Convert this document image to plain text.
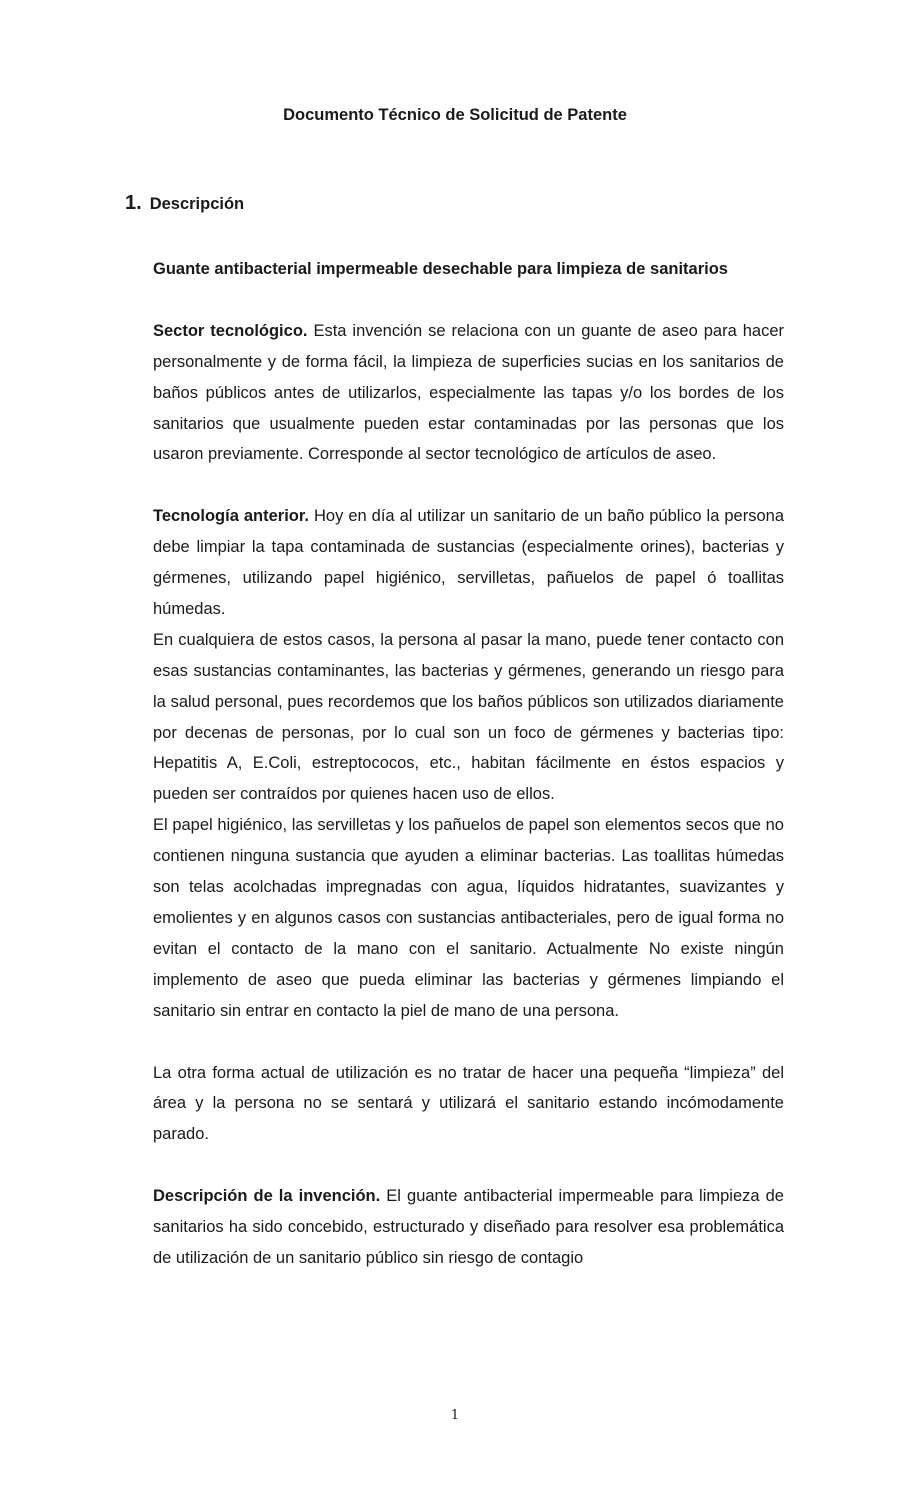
Documento Técnico de Solicitud de Patente
1. Descripción

Guante antibacterial impermeable desechable para limpieza de sanitarios

Sector tecnológico. Esta invención se relaciona con un guante de aseo para hacer personalmente y de forma fácil, la limpieza de superficies sucias en los sanitarios de baños públicos antes de utilizarlos, especialmente las tapas y/o los bordes de los sanitarios que usualmente pueden estar contaminadas por las personas que los usaron previamente. Corresponde al sector tecnológico de artículos de aseo.

Tecnología anterior. Hoy en día al utilizar un sanitario de un baño público la persona debe limpiar la tapa contaminada de sustancias (especialmente orines), bacterias y gérmenes, utilizando papel higiénico, servilletas, pañuelos de papel ó toallitas húmedas.

En cualquiera de estos casos, la persona al pasar la mano, puede tener contacto con esas sustancias contaminantes, las bacterias y gérmenes, generando un riesgo para la salud personal, pues recordemos que los baños públicos son utilizados diariamente por decenas de personas, por lo cual son un foco de gérmenes y bacterias tipo: Hepatitis A, E.Coli, estreptococos, etc., habitan fácilmente en éstos espacios y pueden ser contraídos por quienes hacen uso de ellos.

El papel higiénico, las servilletas y los pañuelos de papel son elementos secos que no contienen ninguna sustancia que ayuden a eliminar bacterias. Las toallitas húmedas son telas acolchadas impregnadas con agua, líquidos hidratantes, suavizantes y emolientes y en algunos casos con sustancias antibacteriales, pero de igual forma no evitan el contacto de la mano con el sanitario. Actualmente No existe ningún implemento de aseo que pueda eliminar las bacterias y gérmenes limpiando el sanitario sin entrar en contacto la piel de mano de una persona.

La otra forma actual de utilización es no tratar de hacer una pequeña “limpieza” del área y la persona no se sentará y utilizará el sanitario estando incómodamente parado.

Descripción de la invención. El guante antibacterial impermeable para limpieza de sanitarios ha sido concebido, estructurado y diseñado para resolver esa problemática de utilización de un sanitario público sin riesgo de contagio

1
